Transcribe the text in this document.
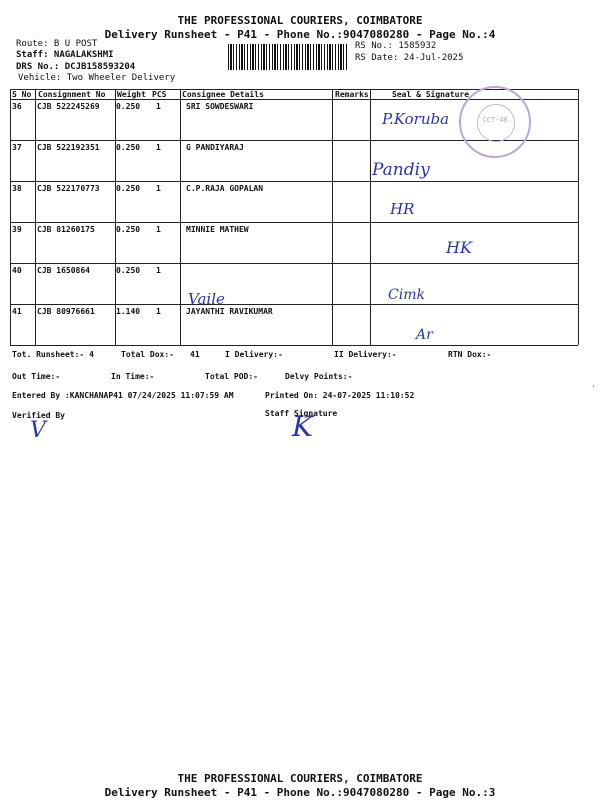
THE PROFESSIONAL COURIERS, COIMBATORE
Delivery Runsheet - P41 - Phone No.:9047080280 - Page No.:4
Route: B U POST
Staff: NAGALAKSHMI
DRS No.: DCJB158593204
Vehicle: Two Wheeler Delivery
RS No.: 1585932
RS Date: 24-Jul-2025
S No Consignment No Weight PCS Consignee Details	Remarks	Seal & Signature
36 CJB 522245269 0.250 1	SRI SOWDESWARI
37 CJB 522192351 0.250 1	G PANDIYARAJ
38 CJB 522170773 0.250 1	C.P.RAJA GOPALAN
39 CJB 81260175	0.250 1	MINNIE MATHEW
40 CJB 1650864	0.250 1
41 CJB 80976661	1.140 1	JAYANTHI RAVIKUMAR
CCT-48
P.Koruba
Pandiy
HR
HK
Vaile	Cimk
Ar
Tot. Runsheet:- 4	Total Dox:- 41	I Delivery:-	II Delivery:-	RTN Dox:-
Out Time:-	In Time:-	Total POD:-	Delvy Points:-
Entered By :KANCHANAP41 07/24/2025 11:07:59 AM	Printed On: 24-07-2025 11:10:52
Verified By	Staff Signature
V	K
'
THE PROFESSIONAL COURIERS, COIMBATORE
Delivery Runsheet - P41 - Phone No.:9047080280 - Page No.:3
